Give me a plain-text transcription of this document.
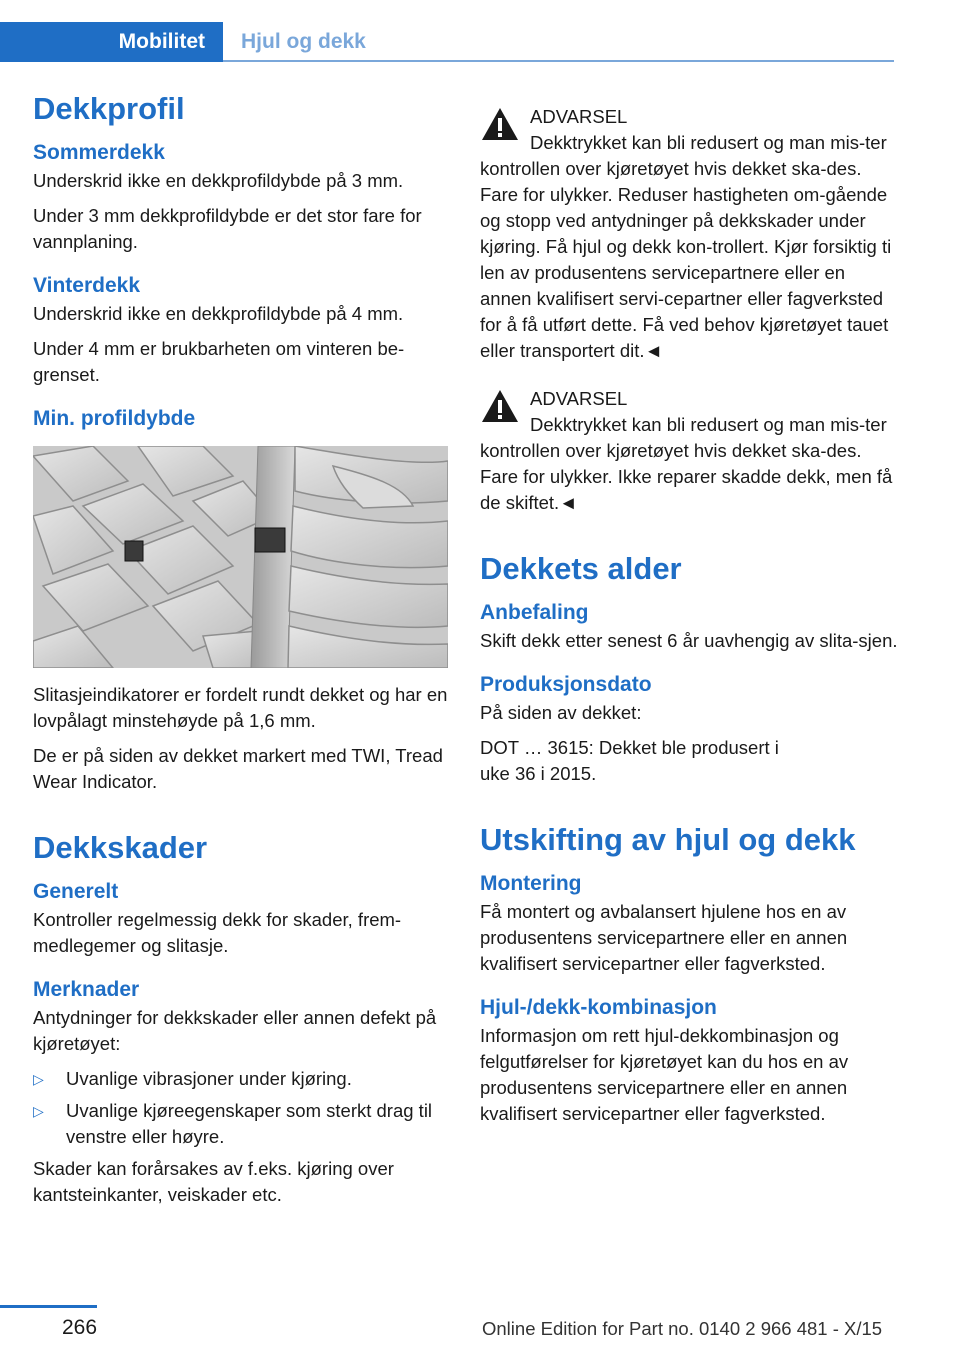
Mobilitet	Hjul og dekk
Dekkprofil
Sommerdekk

Underskrid ikke en dekkprofildybde på 3 mm.

Under 3 mm dekkprofildybde er det stor fare for vannplaning.

Vinterdekk

Underskrid ikke en dekkprofildybde på 4 mm.

Under 4 mm er brukbarheten om vinteren be‐grenset.

Min. profildybde

Slitasjeindikatorer er fordelt rundt dekket og har en lovpålagt minstehøyde på 1,6 mm.

De er på siden av dekket markert med TWI, Tread Wear Indicator.

Dekkskader
Generelt

Kontroller regelmessig dekk for skader, frem‐medlegemer og slitasje.

Merknader

Antydninger for dekkskader eller annen defekt på kjøretøyet:

▷ Uvanlige vibrasjoner under kjøring.
▷ Uvanlige kjøreegenskaper som sterkt drag til venstre eller høyre.

Skader kan forårsakes av f.eks. kjøring over kantsteinkanter, veiskader etc.

ADVARSEL

Dekktrykket kan bli redusert og man mis‐ter kontrollen over kjøretøyet hvis dekket ska‐des. Fare for ulykker. Reduser hastigheten om‐gående og stopp ved antydninger på dekkskader under kjøring. Få hjul og dekk kon‐trollert. Kjør forsiktig ti len av produsentens servicepartnere eller en annen kvalifisert servi‐cepartner eller fagverksted for å få utført dette. Få ved behov kjøretøyet tauet eller transportert dit.◄

ADVARSEL

Dekktrykket kan bli redusert og man mis‐ter kontrollen over kjøretøyet hvis dekket ska‐des. Fare for ulykker. Ikke reparer skadde dekk, men få de skiftet.◄

Dekkets alder
Anbefaling

Skift dekk etter senest 6 år uavhengig av slita‐sjen.

Produksjonsdato

På siden av dekket:

DOT … 3615: Dekket ble produsert i uke 36 i 2015.

Utskifting av hjul og dekk
Montering

Få montert og avbalansert hjulene hos en av produsentens servicepartnere eller en annen kvalifisert servicepartner eller fagverksted.

Hjul-/dekk-kombinasjon

Informasjon om rett hjul-dekkombinasjon og felgutførelser for kjøretøyet kan du hos en av produsentens servicepartnere eller en annen kvalifisert servicepartner eller fagverksted.

266	Online Edition for Part no. 0140 2 966 481 - X/15
